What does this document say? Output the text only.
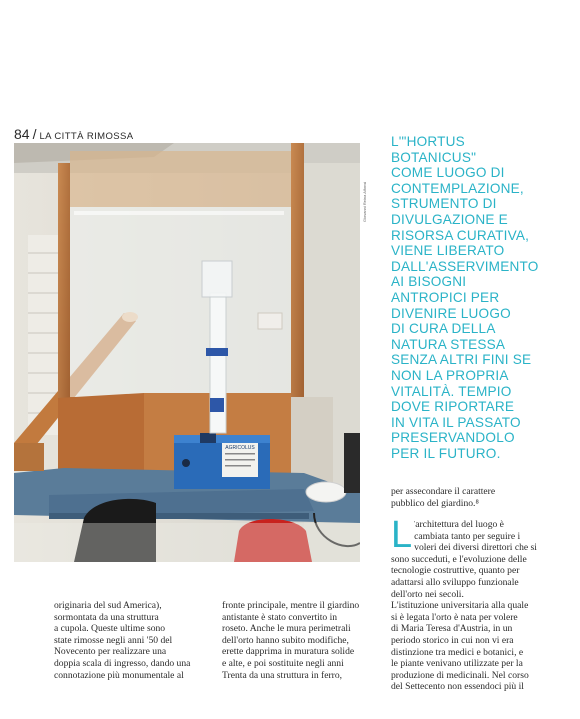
84 / LA CITTÀ RIMOSSA
AGRICOLUS
Giovanni Reina Alfonsi

L'"HORTUS
BOTANICUS"
COME LUOGO DI
CONTEMPLAZIONE,
STRUMENTO DI
DIVULGAZIONE E
RISORSA CURATIVA,
VIENE LIBERATO
DALL'ASSERVIMENTO
AI BISOGNI
ANTROPICI PER
DIVENIRE LUOGO
DI CURA DELLA
NATURA STESSA
SENZA ALTRI FINI SE
NON LA PROPRIA
VITALITÀ. TEMPIO
DOVE RIPORTARE
IN VITA IL PASSATO
PRESERVANDOLO
PER IL FUTURO.

originaria del sud America),
sormontata da una struttura
a cupola. Queste ultime sono
state rimosse negli anni '50 del
Novecento per realizzare una
doppia scala di ingresso, dando una
connotazione più monumentale al

fronte principale, mentre il giardino
antistante è stato convertito in
roseto. Anche le mura perimetrali
dell'orto hanno subito modifiche,
erette dapprima in muratura solide
e alte, e poi sostituite negli anni
Trenta da una struttura in ferro,

per assecondare il carattere
pubblico del giardino.⁸

L 'architettura del luogo è
cambiata tanto per seguire i
voleri dei diversi direttori che si

sono succeduti, e l'evoluzione delle
tecnologie costruttive, quanto per
adattarsi allo sviluppo funzionale
dell'orto nei secoli.
L'istituzione universitaria alla quale
si è legata l'orto è nata per volere
di Maria Teresa d'Austria, in un
periodo storico in cui non vi era
distinzione tra medici e botanici, e
le piante venivano utilizzate per la
produzione di medicinali. Nel corso
del Settecento non essendoci più il
